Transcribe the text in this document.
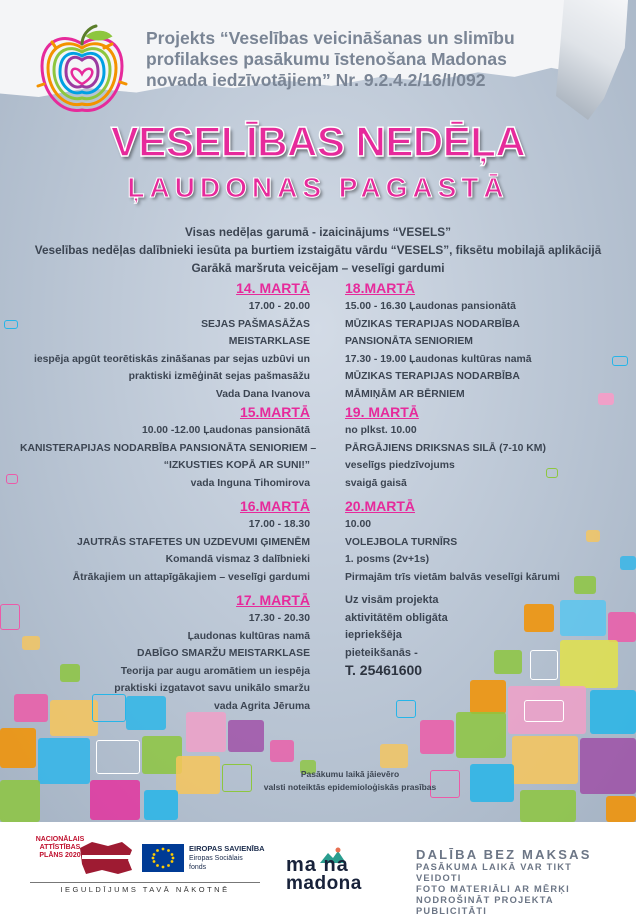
Projekts “Veselības veicināšanas un slimību
profilakses pasākumu īstenošana Madonas
novada iedzīvotājiem” Nr. 9.2.4.2/16/I/092
VESELĪBAS NEDĒĻA
ĻAUDONAS PAGASTĀ
Visas nedēļas garumā - izaicinājums “VESELS”
Veselības nedēļas dalībnieki iesūta pa burtiem izstaigātu vārdu “VESELS”, fiksētu mobilajā aplikācijā
Garākā maršruta veicējam – veselīgi gardumi
14. MARTĀ
17.00 - 20.00
SEJAS PAŠMASĀŽAS
MEISTARKLASE
iespēja apgūt teorētiskās zināšanas par sejas uzbūvi un
praktiski izmēģināt sejas pašmasāžu
Vada Dana Ivanova
15.MARTĀ
10.00 -12.00 Ļaudonas pansionātā
KANISTERAPIJAS NODARBĪBA PANSIONĀTA SENIORIEM –
“IZKUSTIES KOPĀ AR SUNI!”
vada Inguna Tihomirova
16.MARTĀ
17.00 - 18.30
JAUTRĀS STAFETES UN UZDEVUMI ĢIMENĒM
Komandā vismaz 3 dalībnieki
Ātrākajiem un attapīgākajiem – veselīgi gardumi
17. MARTĀ
17.30 - 20.30
Ļaudonas kultūras namā
DABĪGO SMARŽU MEISTARKLASE
Teorija par augu aromātiem un iespēja
praktiski izgatavot savu unikālo smaržu
vada Agrita Jēruma
18.MARTĀ
15.00 - 16.30 Ļaudonas pansionātā
MŪZIKAS TERAPIJAS NODARBĪBA
PANSIONĀTA SENIORIEM
17.30 - 19.00 Ļaudonas kultūras namā
MŪZIKAS TERAPIJAS NODARBĪBA
MĀMIŅĀM AR BĒRNIEM
19. MARTĀ
no plkst. 10.00
PĀRGĀJIENS DRIKSNAS SILĀ (7-10 KM)
veselīgs piedzīvojums
svaigā gaisā
20.MARTĀ
10.00
VOLEJBOLA TURNĪRS
1. posms (2v+1s)
Pirmajām trīs vietām balvās veselīgi kārumi
Uz visām projekta
aktivitātēm obligāta
iepriekšēja
pieteikšanās -
T. 25461600
Pasākumu laikā jāievēro
valsti noteiktās epidemioloģiskās prasības
NACIONĀLAIS
ATTĪSTĪBAS
PLĀNS 2020
EIROPAS SAVIENĪBA
Eiropas Sociālais
fonds
IEGULDĪJUMS TAVĀ NĀKOTNĒ
ma na
madona
DALĪBA BEZ MAKSAS
PASĀKUMA LAIKĀ VAR TIKT VEIDOTI
FOTO MATERIĀLI AR MĒRĶI
NODROŠINĀT PROJEKTA PUBLICITĀTI
